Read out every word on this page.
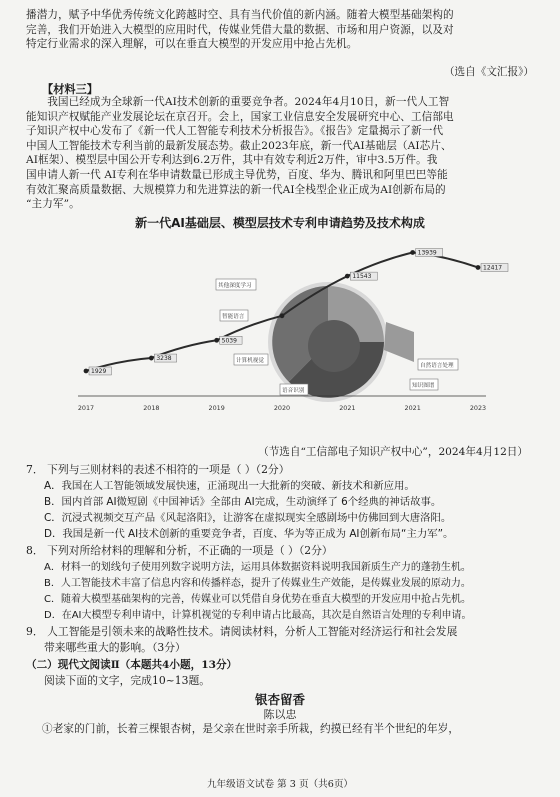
播潜力，赋予中华优秀传统文化跨越时空、具有当代价值的新内涵。随着大模型基础架构的
完善，我们开始进入大模型的应用时代，传媒业凭借大量的数据、市场和用户资源，以及对
特定行业需求的深入理解，可以在垂直大模型的开发应用中抢占先机。
（选自《文汇报》）
【材料三】
我国已经成为全球新一代AI技术创新的重要竞争者。2024年4月10日，新一代人工智
能知识产权赋能产业发展论坛在京召开。会上，国家工业信息安全发展研究中心、工信部电
子知识产权中心发布了《新一代人工智能专利技术分析报告》。《报告》定量揭示了新一代
中国人工智能技术专利当前的最新发展态势。截止2023年底，新一代AI基础层（AI芯片、
AI框架）、模型层中国公开专利达到6.2万件，其中有效专利近2万件，审中3.5万件。我
国申请人新一代 AI专利在华申请数量已形成主导优势，百度、华为、腾讯和阿里巴巴等能
有效汇聚高质量数据、大规模算力和先进算法的新一代AI全栈型企业正成为AI创新布局的
“主力军”。
新一代AI基础层、模型层技术专利申请趋势及技术构成
其他深度学习
智能语言
计算机视觉
自然语言处理
知识图谱
语音识别
1929
3238
5039
11543
13939
12417
2017	2018	2019	2020	2021	2021	2023
（节选自“工信部电子知识产权中心”，2024年4月12日）
7． 下列与三则材料的表述不相符的一项是（ ）（2分）
A．我国在人工智能领域发展快速，正涌现出一大批新的突破、新技术和新应用。
B．国内首部 AI微短剧《中国神话》全部由 AI完成，生动演绎了 6个经典的神话故事。
C．沉浸式视频交互产品《风起洛阳》，让游客在虚拟现实全感剧场中仿佛回到大唐洛阳。
D．我国是新一代 AI技术创新的重要竞争者，百度、华为等正成为 AI创新布局“主力军”。
8． 下列对所给材料的理解和分析，不正确的一项是（ ）（2分）
A．材料一的划线句子使用列数字说明方法，运用具体数据资料说明我国新质生产力的蓬勃生机。
B．人工智能技术丰富了信息内容和传播样态，提升了传媒业生产效能，是传媒业发展的原动力。
C．随着大模型基础架构的完善，传媒业可以凭借自身优势在垂直大模型的开发应用中抢占先机。
D．在AI大模型专利申请中，计算机视觉的专利申请占比最高，其次是自然语言处理的专利申请。
9． 人工智能是引领未来的战略性技术。请阅读材料，分析人工智能对经济运行和社会发展
带来哪些重大的影响。（3分）
（二）现代文阅读Ⅱ（本题共4小题，13分）
阅读下面的文字，完成10~13题。
银杏留香
陈以忠
①老家的门前，长着三棵银杏树，是父亲在世时亲手所栽，约摸已经有半个世纪的年岁，
九年级语文试卷 第 3 页（共6页）
